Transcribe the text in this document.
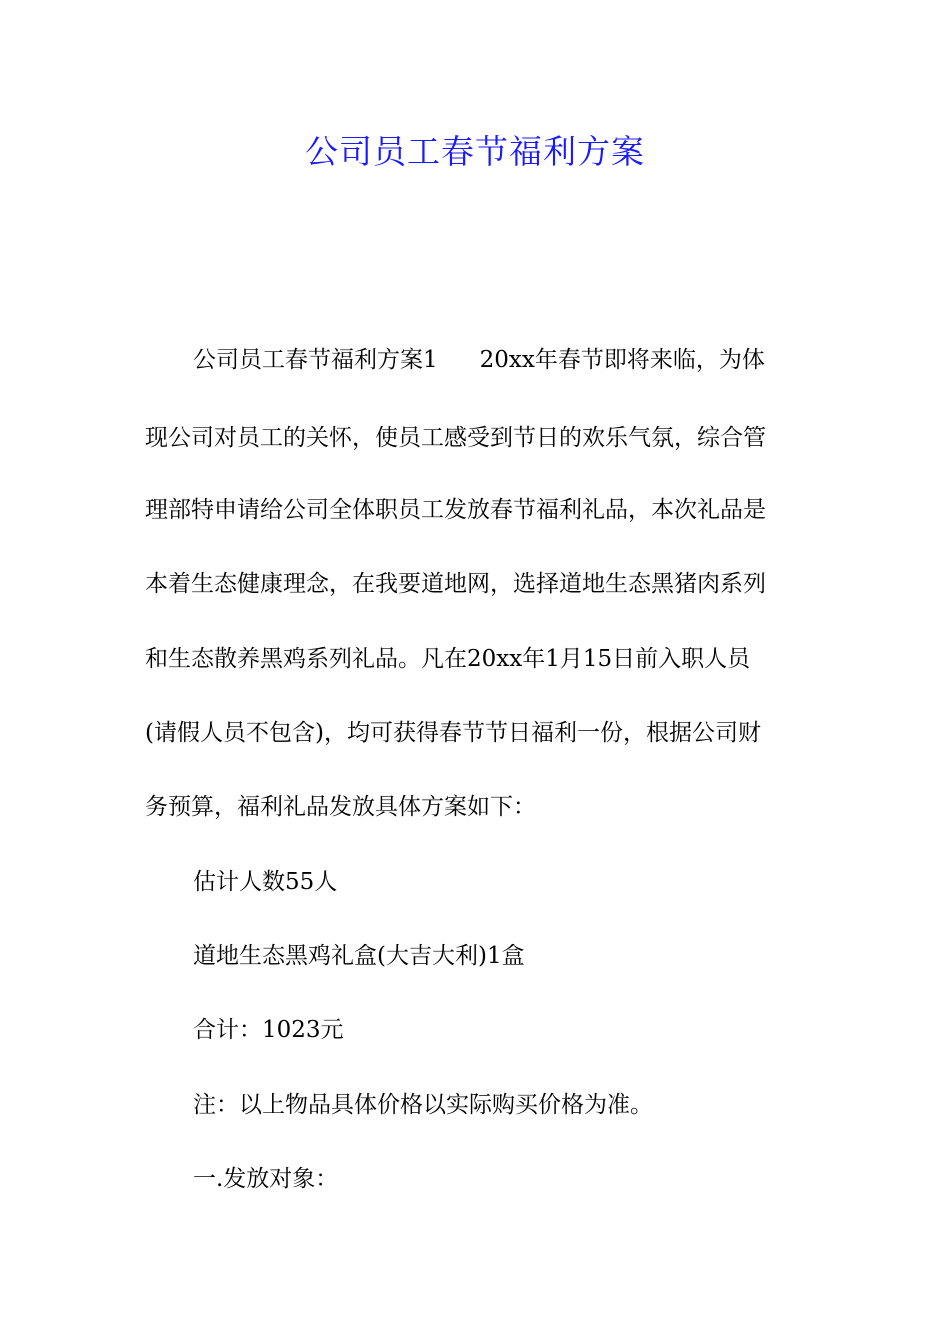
公司员工春节福利方案
公司员工春节福利方案1 20xx年春节即将来临，为体
现公司对员工的关怀，使员工感受到节日的欢乐气氛，综合管
理部特申请给公司全体职员工发放春节福利礼品，本次礼品是
本着生态健康理念，在我要道地网，选择道地生态黑猪肉系列
和生态散养黑鸡系列礼品。凡在20xx年1月15日前入职人员
(请假人员不包含)，均可获得春节节日福利一份，根据公司财
务预算，福利礼品发放具体方案如下：
估计人数55人
道地生态黑鸡礼盒(大吉大利)1盒
合计：1023元
注：以上物品具体价格以实际购买价格为准。
一.发放对象：
